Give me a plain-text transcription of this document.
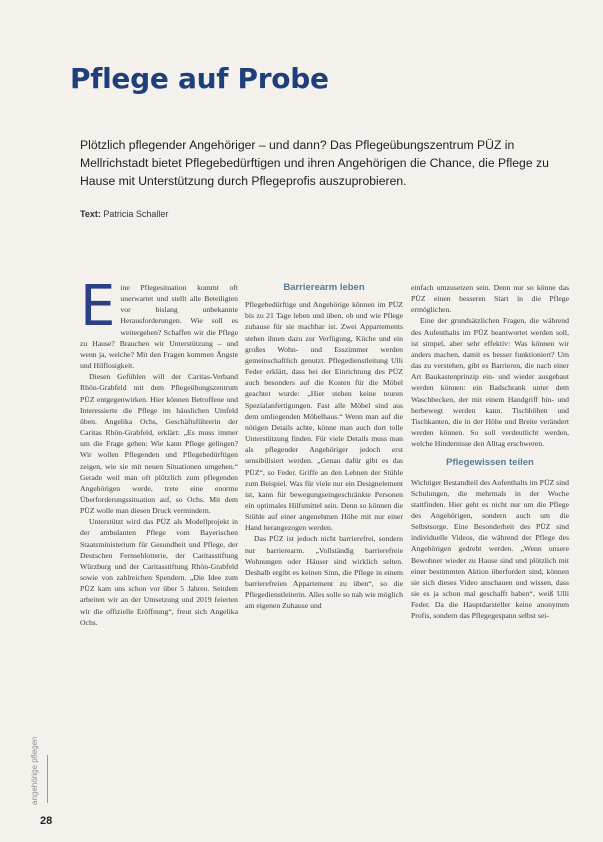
Pflege auf Probe
Plötzlich pflegender Angehöriger – und dann? Das Pflegeübungszentrum PÜZ in Mellrichstadt bietet Pflegebedürftigen und ihren Angehörigen die Chance, die Pflege zu Hause mit Unterstützung durch Pflegeprofis auszuprobieren.
Text: Patricia Schaller

E ine Pflegesituation kommt oft unerwartet und stellt alle Beteiligten vor bislang unbekannte Herausforderungen. Wie soll es weitergehen? Schaffen wir die Pflege zu Hause? Brauchen wir Unterstützung – und wenn ja, welche? Mit den Fragen kommen Ängste und Hilflosigkeit.

Diesen Gefühlen will der Caritas-Verband Rhön-Grabfeld mit dem Pflegeübungszentrum PÜZ entgegenwirken. Hier können Betroffene und Interessierte die Pflege im häuslichen Umfeld üben. Angelika Ochs, Geschäftsführerin der Caritas Rhön-Grabfeld, erklärt: „Es muss immer um die Frage gehen: Wie kann Pflege gelingen? Wir wollen Pflegenden und Pflegebedürftigen zeigen, wie sie mit neuen Situationen umgehen.“ Gerade weil man oft plötzlich zum pflegenden Angehörigen werde, trete eine enorme Überforderungssituation auf, so Ochs. Mit dem PÜZ wolle man diesen Druck vermindern.

Unterstützt wird das PÜZ als Modellprojekt in der ambulanten Pflege vom Bayerischen Staatsministerium für Gesundheit und Pflege, der Deutschen Fernsehlotterie, der Caritasstiftung Würzburg und der Caritasstiftung Rhön-Grabfeld sowie von zahlreichen Spendern. „Die Idee zum PÜZ kam uns schon vor über 5 Jahren. Seitdem arbeiten wir an der Umsetzung und 2019 feierten wir die offizielle Eröffnung“, freut sich Angelika Ochs.

Barrierearm leben

Pflegebedürftige und Angehörige können im PÜZ bis zu 21 Tage leben und üben, ob und wie Pflege zuhause für sie machbar ist. Zwei Appartements stehen ihnen dazu zur Verfügung, Küche und ein großes Wohn- und Esszimmer werden gemeinschaftlich genutzt. Pflegedienstleitung Ulli Feder erklärt, dass bei der Einrichtung des PÜZ auch besonders auf die Kosten für die Möbel geachtet wurde: „Hier stehen keine teuren Spezialanfertigungen. Fast alle Möbel sind aus dem umliegenden Möbelhaus.“ Wenn man auf die nötigen Details achte, könne man auch dort tolle Unterstützung finden. Für viele Details muss man als pflegender Angehöriger jedoch erst sensibilisiert werden. „Genau dafür gibt es das PÜZ“, so Feder. Griffe an den Lehnen der Stühle zum Beispiel. Was für viele nur ein Designelement ist, kann für bewegungseingeschränkte Personen ein optimales Hilfsmittel sein. Denn so können die Stühle auf einer angenehmen Höhe mit nur einer Hand herangezogen werden.

Das PÜZ ist jedoch nicht barrierefrei, sondern nur barrierearm. „Vollständig barrierefreie Wohnungen oder Häuser sind wirklich selten. Deshalb ergibt es keinen Sinn, die Pflege in einem barrierefreien Appartement zu üben“, so die Pflegedienstleiterin. Alles solle so nah wie möglich am eigenen Zuhause und

einfach umzusetzen sein. Denn nur so könne das PÜZ einen besseren Start in die Pflege ermöglichen.

Eine der grundsätzlichen Fragen, die während des Aufenthalts im PÜZ beantwortet werden soll, ist simpel, aber sehr effektiv: Was können wir anders machen, damit es besser funktioniert? Um das zu verstehen, gibt es Barrieren, die nach einer Art Baukastenprinzip ein- und wieder ausgebaut werden können: ein Badschrank unter dem Waschbecken, der mit einem Handgriff hin- und herbewegt werden kann. Tischhöhen und Tischkanten, die in der Höhe und Breite verändert werden können. So soll verdeutlicht werden, welche Hindernisse den Alltag erschweren.

Pflegewissen teilen

Wichtiger Bestandteil des Aufenthalts im PÜZ sind Schulungen, die mehrmals in der Woche stattfinden. Hier geht es nicht nur um die Pflege des Angehörigen, sondern auch um die Selbstsorge. Eine Besonderheit des PÜZ sind individuelle Videos, die während der Pflege des Angehörigen gedreht werden. „Wenn unsere Bewohner wieder zu Hause sind und plötzlich mit einer bestimmten Aktion überfordert sind, können sie sich dieses Video anschauen und wissen, dass sie es ja schon mal geschafft haben“, weiß Ulli Feder. Da die Hauptdarsteller keine anonymen Profis, sondern das Pflegegespann selbst sei-

angehörige pflegen
28
